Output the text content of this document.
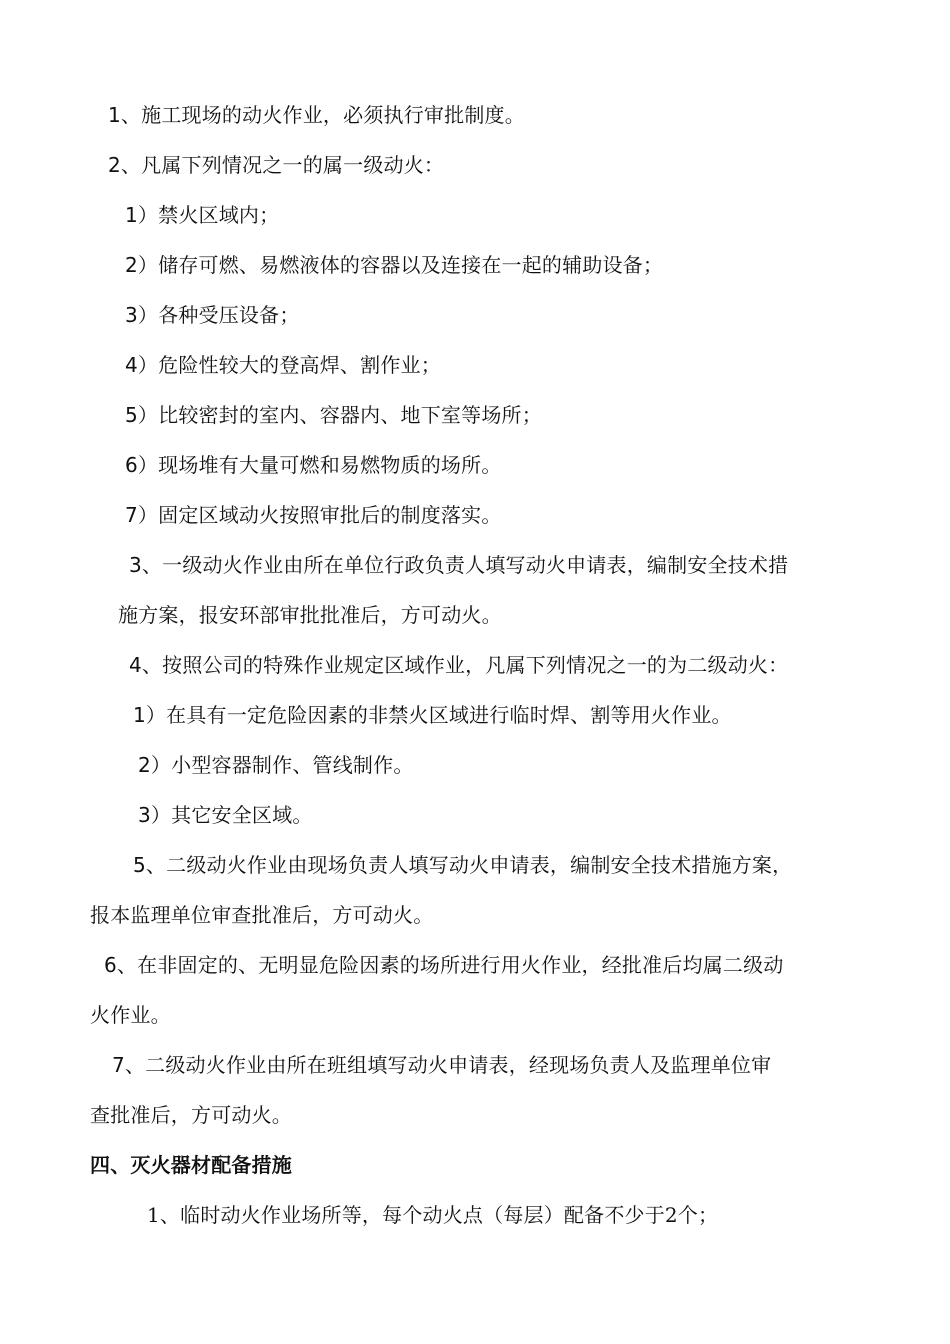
1、施工现场的动火作业，必须执行审批制度。
2、凡属下列情况之一的属一级动火：
1）禁火区域内；
2）储存可燃、易燃液体的容器以及连接在一起的辅助设备；
3）各种受压设备；
4）危险性较大的登高焊、割作业；
5）比较密封的室内、容器内、地下室等场所；
6）现场堆有大量可燃和易燃物质的场所。
7）固定区域动火按照审批后的制度落实。
3、一级动火作业由所在单位行政负责人填写动火申请表，编制安全技术措
施方案，报安环部审批批准后，方可动火。
4、按照公司的特殊作业规定区域作业，凡属下列情况之一的为二级动火：
1）在具有一定危险因素的非禁火区域进行临时焊、割等用火作业。
2）小型容器制作、管线制作。
3）其它安全区域。
5、二级动火作业由现场负责人填写动火申请表，编制安全技术措施方案，
报本监理单位审查批准后，方可动火。
6、在非固定的、无明显危险因素的场所进行用火作业，经批准后均属二级动
火作业。
7、二级动火作业由所在班组填写动火申请表，经现场负责人及监理单位审
查批准后，方可动火。
四、灭火器材配备措施
1、临时动火作业场所等，每个动火点（每层）配备不少于2个；
